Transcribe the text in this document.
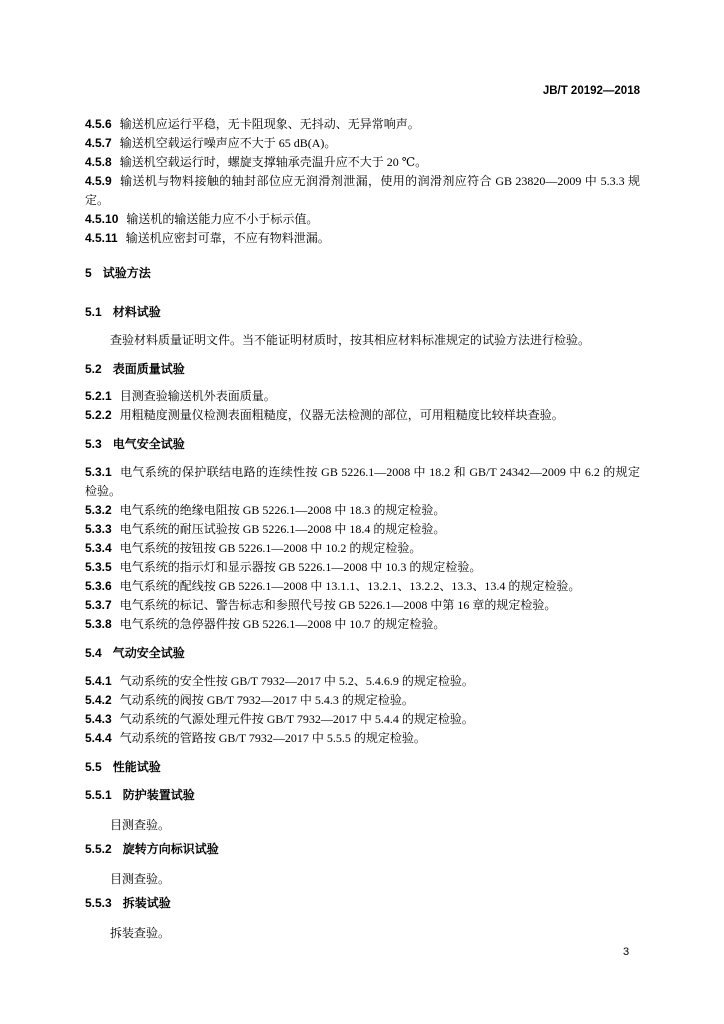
JB/T 20192—2018

4.5.6 输送机应运行平稳，无卡阻现象、无抖动、无异常响声。

4.5.7 输送机空载运行噪声应不大于 65 dB(A)。

4.5.8 输送机空载运行时，螺旋支撑轴承壳温升应不大于 20 ℃。

4.5.9 输送机与物料接触的轴封部位应无润滑剂泄漏，使用的润滑剂应符合 GB 23820—2009 中 5.3.3 规定。

4.5.10 输送机的输送能力应不小于标示值。

4.5.11 输送机应密封可靠，不应有物料泄漏。

5 试验方法
5.1 材料试验

查验材料质量证明文件。当不能证明材质时，按其相应材料标准规定的试验方法进行检验。

5.2 表面质量试验

5.2.1 目测查验输送机外表面质量。

5.2.2 用粗糙度测量仪检测表面粗糙度，仪器无法检测的部位，可用粗糙度比较样块查验。

5.3 电气安全试验

5.3.1 电气系统的保护联结电路的连续性按 GB 5226.1—2008 中 18.2 和 GB/T 24342—2009 中 6.2 的规定检验。

5.3.2 电气系统的绝缘电阻按 GB 5226.1—2008 中 18.3 的规定检验。

5.3.3 电气系统的耐压试验按 GB 5226.1—2008 中 18.4 的规定检验。

5.3.4 电气系统的按钮按 GB 5226.1—2008 中 10.2 的规定检验。

5.3.5 电气系统的指示灯和显示器按 GB 5226.1—2008 中 10.3 的规定检验。

5.3.6 电气系统的配线按 GB 5226.1—2008 中 13.1.1、13.2.1、13.2.2、13.3、13.4 的规定检验。

5.3.7 电气系统的标记、警告标志和参照代号按 GB 5226.1—2008 中第 16 章的规定检验。

5.3.8 电气系统的急停器件按 GB 5226.1—2008 中 10.7 的规定检验。

5.4 气动安全试验

5.4.1 气动系统的安全性按 GB/T 7932—2017 中 5.2、5.4.6.9 的规定检验。

5.4.2 气动系统的阀按 GB/T 7932—2017 中 5.4.3 的规定检验。

5.4.3 气动系统的气源处理元件按 GB/T 7932—2017 中 5.4.4 的规定检验。

5.4.4 气动系统的管路按 GB/T 7932—2017 中 5.5.5 的规定检验。

5.5 性能试验
5.5.1 防护装置试验

目测查验。

5.5.2 旋转方向标识试验

目测查验。

5.5.3 拆装试验

拆装查验。

3
